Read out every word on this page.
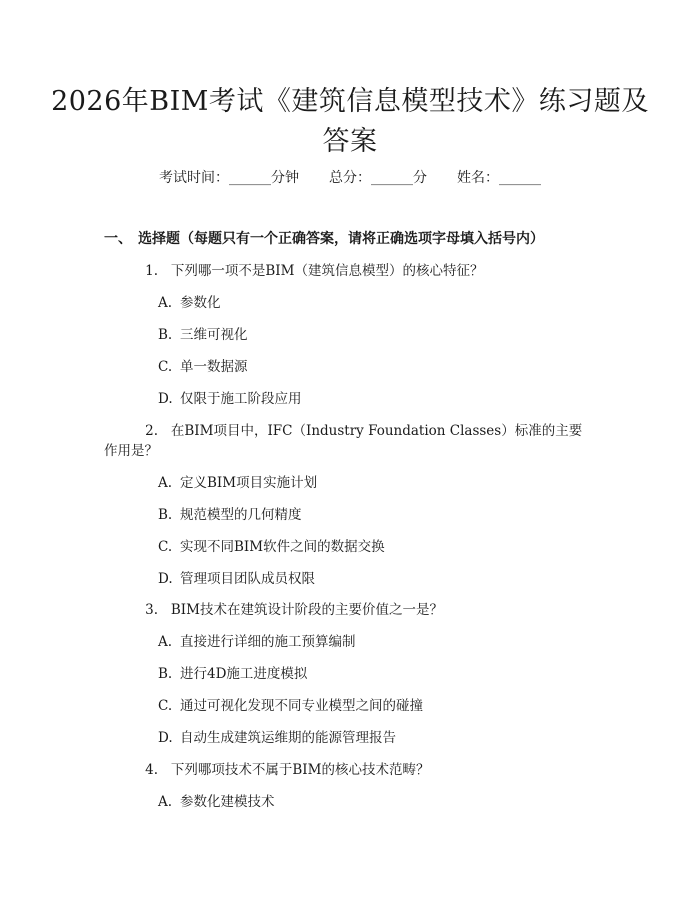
2026年BIM考试《建筑信息模型技术》练习题及答案
考试时间：______分钟 总分：______分 姓名：______
一、 选择题（每题只有一个正确答案，请将正确选项字母填入括号内）
1. 下列哪一项不是BIM（建筑信息模型）的核心特征？
A. 参数化
B. 三维可视化
C. 单一数据源
D. 仅限于施工阶段应用
2. 在BIM项目中，IFC（Industry Foundation Classes）标准的主要作用是？
A. 定义BIM项目实施计划
B. 规范模型的几何精度
C. 实现不同BIM软件之间的数据交换
D. 管理项目团队成员权限
3. BIM技术在建筑设计阶段的主要价值之一是？
A. 直接进行详细的施工预算编制
B. 进行4D施工进度模拟
C. 通过可视化发现不同专业模型之间的碰撞
D. 自动生成建筑运维期的能源管理报告
4. 下列哪项技术不属于BIM的核心技术范畴？
A. 参数化建模技术
